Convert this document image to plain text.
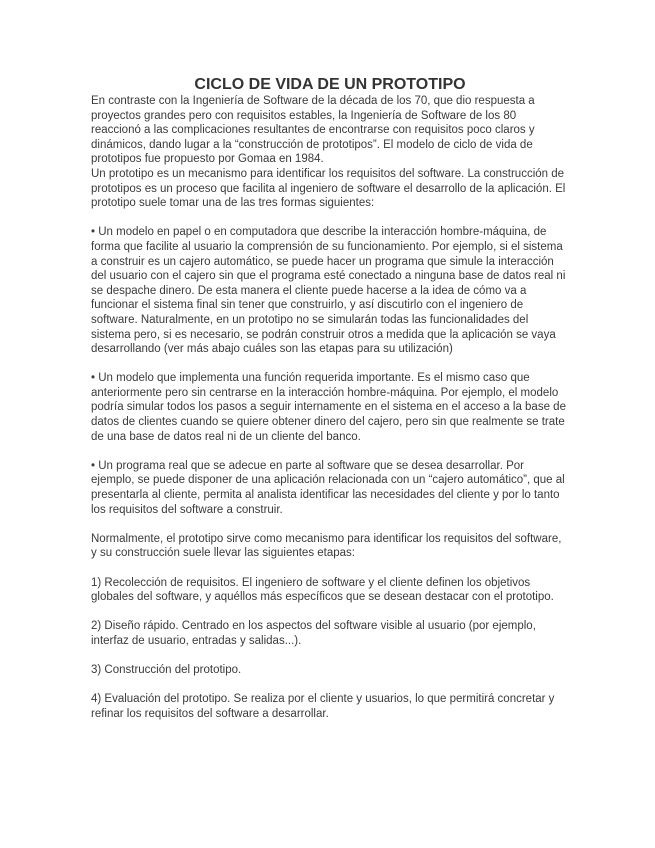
CICLO DE VIDA DE UN PROTOTIPO

En contraste con la Ingeniería de Software de la década de los 70, que dio respuesta a proyectos grandes pero con requisitos estables, la Ingeniería de Software de los 80 reaccionó a las complicaciones resultantes de encontrarse con requisitos poco claros y dinámicos, dando lugar a la “construcción de prototipos”. El modelo de ciclo de vida de prototipos fue propuesto por Gomaa en 1984.

Un prototipo es un mecanismo para identificar los requisitos del software. La construcción de prototipos es un proceso que facilita al ingeniero de software el desarrollo de la aplicación. El prototipo suele tomar una de las tres formas siguientes:

• Un modelo en papel o en computadora que describe la interacción hombre-máquina, de forma que facilite al usuario la comprensión de su funcionamiento. Por ejemplo, si el sistema a construir es un cajero automático, se puede hacer un programa que simule la interacción del usuario con el cajero sin que el programa esté conectado a ninguna base de datos real ni se despache dinero. De esta manera el cliente puede hacerse a la idea de cómo va a funcionar el sistema final sin tener que construirlo, y así discutirlo con el ingeniero de software. Naturalmente, en un prototipo no se simularán todas las funcionalidades del sistema pero, si es necesario, se podrán construir otros a medida que la aplicación se vaya desarrollando (ver más abajo cuáles son las etapas para su utilización)

• Un modelo que implementa una función requerida importante. Es el mismo caso que anteriormente pero sin centrarse en la interacción hombre-máquina. Por ejemplo, el modelo podría simular todos los pasos a seguir internamente en el sistema en el acceso a la base de datos de clientes cuando se quiere obtener dinero del cajero, pero sin que realmente se trate de una base de datos real ni de un cliente del banco.

• Un programa real que se adecue en parte al software que se desea desarrollar. Por ejemplo, se puede disponer de una aplicación relacionada con un “cajero automático”, que al presentarla al cliente, permita al analista identificar las necesidades del cliente y por lo tanto los requisitos del software a construir.

Normalmente, el prototipo sirve como mecanismo para identificar los requisitos del software, y su construcción suele llevar las siguientes etapas:

1) Recolección de requisitos. El ingeniero de software y el cliente definen los objetivos globales del software, y aquéllos más específicos que se desean destacar con el prototipo.

2) Diseño rápido. Centrado en los aspectos del software visible al usuario (por ejemplo, interfaz de usuario, entradas y salidas...).

3) Construcción del prototipo.

4) Evaluación del prototipo. Se realiza por el cliente y usuarios, lo que permitirá concretar y refinar los requisitos del software a desarrollar.
